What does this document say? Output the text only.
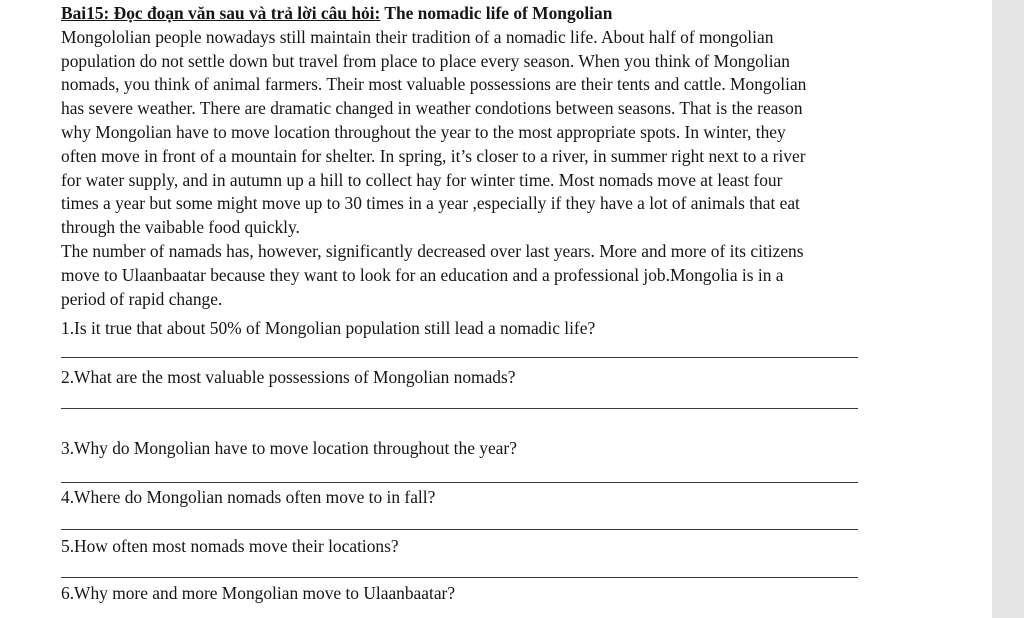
Bai15: Đọc đoạn văn sau và trả lời câu hỏi: The nomadic life of Mongolian
Mongololian people nowadays still maintain their tradition of a nomadic life. About half of mongolian
population do not settle down but travel from place to place every season. When you think of Mongolian
nomads, you think of animal farmers. Their most valuable possessions are their tents and cattle. Mongolian
has severe weather. There are dramatic changed in weather condotions between seasons. That is the reason
why Mongolian have to move location throughout the year to the most appropriate spots. In winter, they
often move in front of a mountain for shelter. In spring, it’s closer to a river, in summer right next to a river
for water supply, and in autumn up a hill to collect hay for winter time. Most nomads move at least four
times a year but some might move up to 30 times in a year ,especially if they have a lot of animals that eat
through the vaibable food quickly.
The number of namads has, however, significantly decreased over last years. More and more of its citizens
move to Ulaanbaatar because they want to look for an education and a professional job.Mongolia is in a
period of rapid change.
1.Is it true that about 50% of Mongolian population still lead a nomadic life?
2.What are the most valuable possessions of Mongolian nomads?
3.Why do Mongolian have to move location throughout the year?
4.Where do Mongolian nomads often move to in fall?
5.How often most nomads move their locations?
6.Why more and more Mongolian move to Ulaanbaatar?
